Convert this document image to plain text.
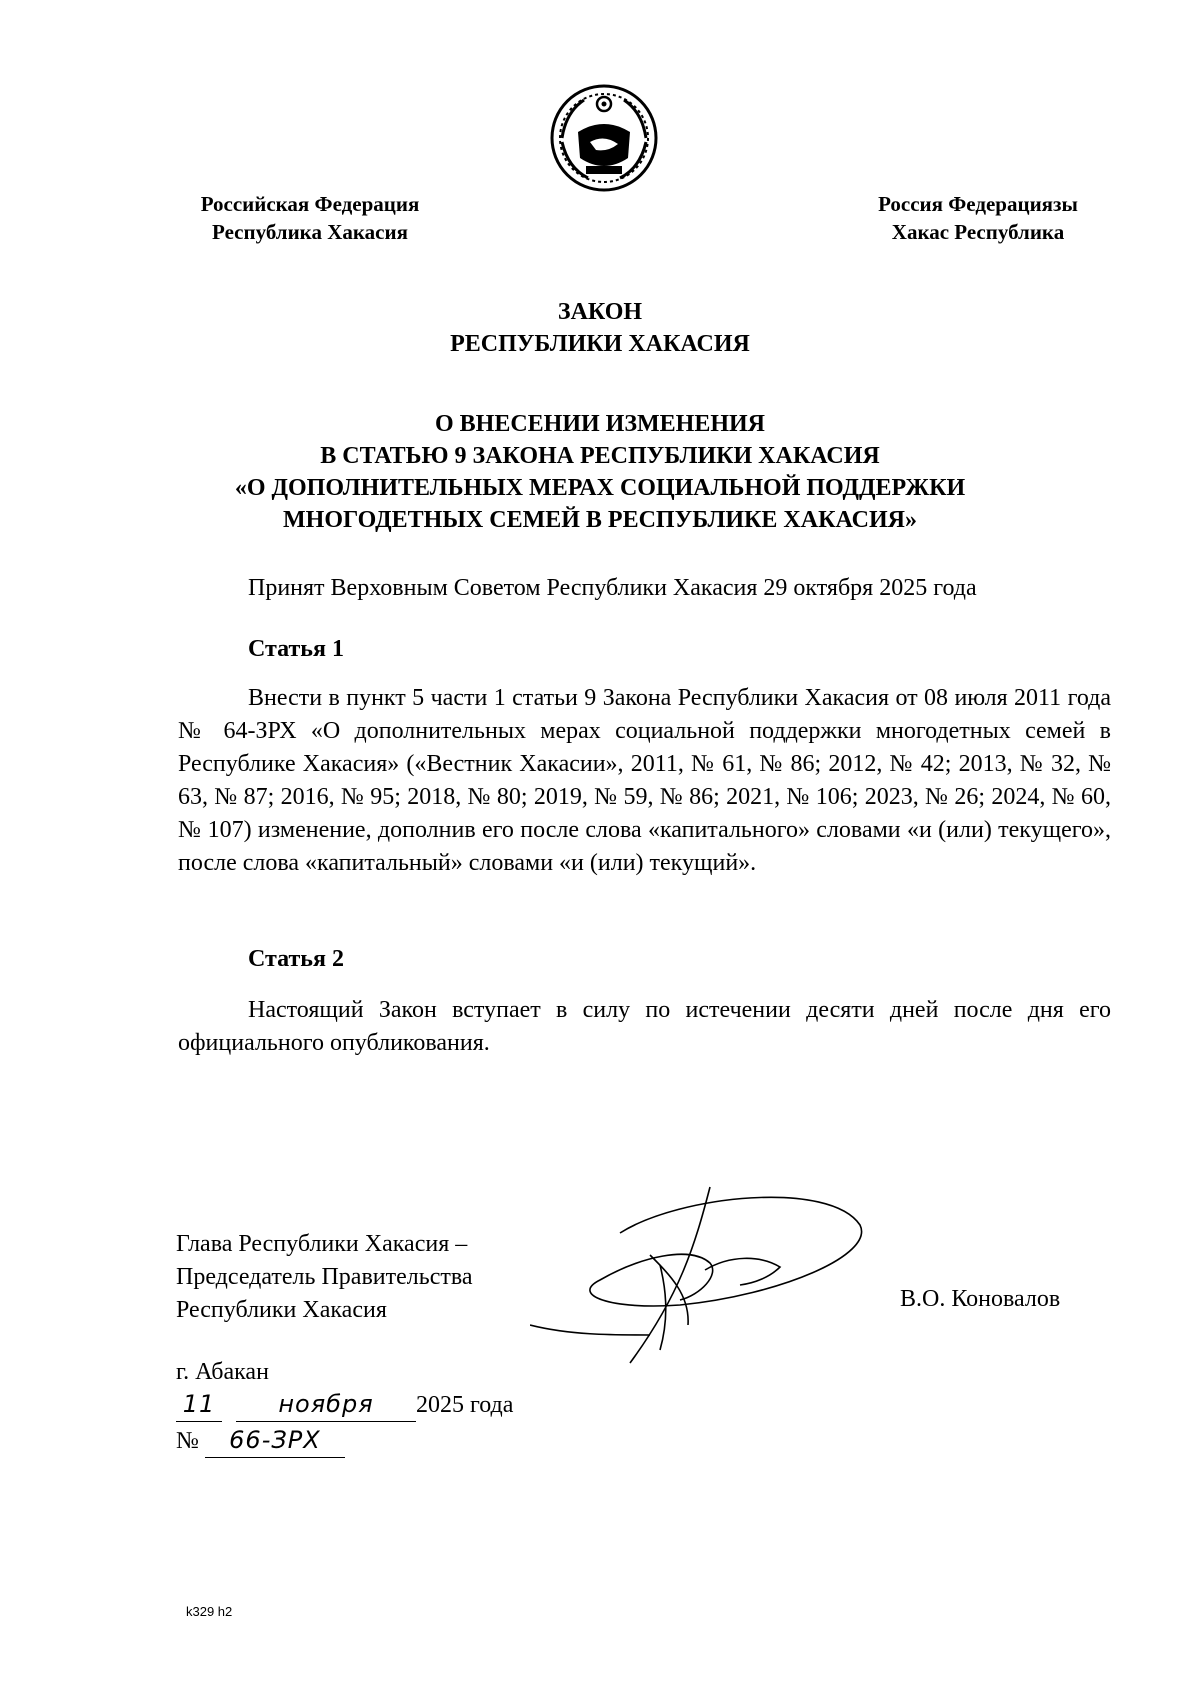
Российская Федерация
Республика Хакасия
Россия Федерациязы
Хакас Республика
ЗАКОН
РЕСПУБЛИКИ ХАКАСИЯ
О ВНЕСЕНИИ ИЗМЕНЕНИЯ
В СТАТЬЮ 9 ЗАКОНА РЕСПУБЛИКИ ХАКАСИЯ
«О ДОПОЛНИТЕЛЬНЫХ МЕРАХ СОЦИАЛЬНОЙ ПОДДЕРЖКИ
МНОГОДЕТНЫХ СЕМЕЙ В РЕСПУБЛИКЕ ХАКАСИЯ»
Принят Верховным Советом Республики Хакасия 29 октября 2025 года
Статья 1
Внести в пункт 5 части 1 статьи 9 Закона Республики Хакасия от 08 июля 2011 года № 64-ЗРХ «О дополнительных мерах социальной поддержки многодетных семей в Республике Хакасия» («Вестник Хакасии», 2011, № 61, № 86; 2012, № 42; 2013, № 32, № 63, № 87; 2016, № 95; 2018, № 80; 2019, № 59, № 86; 2021, № 106; 2023, № 26; 2024, № 60, № 107) изменение, дополнив его после слова «капитального» словами «и (или) текущего», после слова «капитальный» словами «и (или) текущий».
Статья 2
Настоящий Закон вступает в силу по истечении десяти дней после дня его официального опубликования.
Глава Республики Хакасия –
Председатель Правительства
Республики Хакасия	В.О. Коновалов
г. Абакан
11	ноября 2025 года
№ 66-ЗРХ
k329 h2
